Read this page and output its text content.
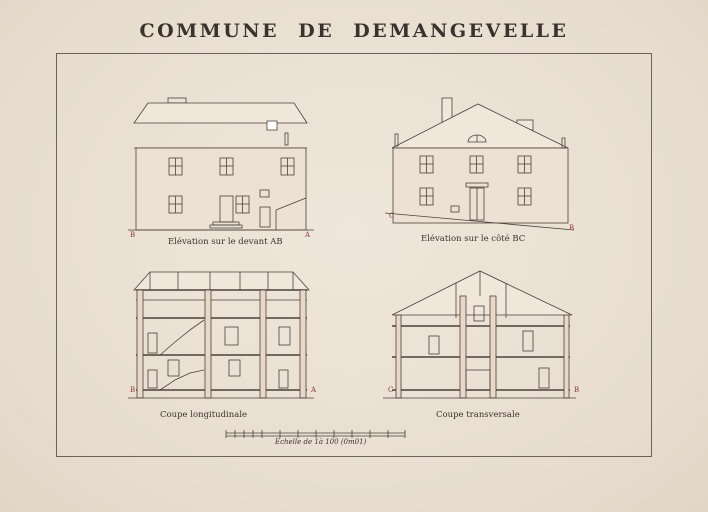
COMMUNE DE DEMANGEVELLE
Elévation sur le devant AB
B	A	Elévation sur le côté BC
C
B
Coupe longitudinale
B	A
Coupe transversale
C	B
Echelle de 1à 100 (0m01)
